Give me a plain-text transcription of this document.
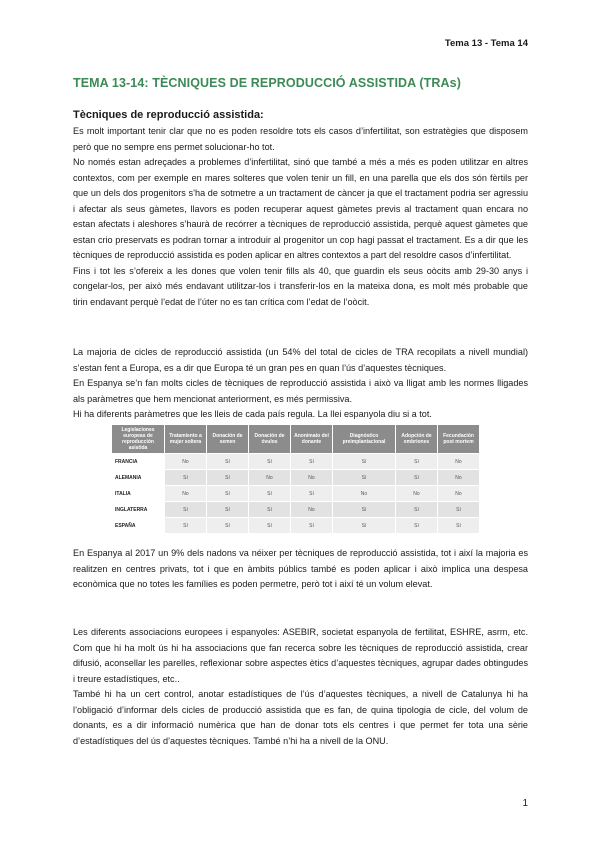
Tema 13 - Tema 14
TEMA 13-14: TÈCNIQUES DE REPRODUCCIÓ ASSISTIDA (TRAs)
Tècniques de reproducció assistida:

Es molt important tenir clar que no es poden resoldre tots els casos d’infertilitat, son estratègies que disposem però que no sempre ens permet solucionar-ho tot.

No només estan adreçades a problemes d’infertilitat, sinó que també a més a més es poden utilitzar en altres contextos, com per exemple en mares solteres que volen tenir un fill, en una parella que els dos són fèrtils per que un dels dos progenitors s’ha de sotmetre a un tractament de càncer ja que el tractament podria ser agressiu i afectar als seus gàmetes, llavors es poden recuperar aquest gàmetes previs al tractament quan encara no estan afectats i aleshores s’haurà de recórrer a tècniques de reproducció assistida, perquè aquest gàmetes que estan crio preservats es podran tornar a introduir al progenitor un cop hagi passat el tractament. Es a dir que les tècniques de reproducció assistida es poden aplicar en altres contextos a part del resoldre casos d’infertilitat.

Fins i tot les s’ofereix a les dones que volen tenir fills als 40, que guardin els seus oòcits amb 29-30 anys i congelar-los, per això més endavant utilitzar-los i transferir-los en la mateixa dona, es molt més probable que tirin endavant perquè l’edat de l’úter no es tan crítica com l’edat de l’oòcit.

La majoria de cicles de reproducció assistida (un 54% del total de cicles de TRA recopilats a nivell mundial) s’estan fent a Europa, es a dir que Europa té un gran pes en quan l’ús d’aquestes tècniques.

En Espanya se’n fan molts cicles de tècniques de reproducció assistida i això va lligat amb les normes lligades als paràmetres que hem mencionat anteriorment, es més permissiva.

Hi ha diferents paràmetres que les lleis de cada país regula. La llei espanyola diu si a tot.

Legislaciones europeas de reproducción asistida	Tratamiento a mujer soltera	Donación de semen	Donación de óvulos	Anonimato del donante	Diagnóstico preimplantacional	Adopción de embriones	Fecundación post mortem
FRANCIA	No	Sí	Sí	Sí	Sí	Sí	No
ALEMANIA	Sí	Sí	No	No	Sí	Sí	No
ITALIA	No	Sí	Sí	Sí	No	No	No
INGLATERRA	Sí	Sí	Sí	No	Sí	Sí	Sí
ESPAÑA	Sí	Sí	Sí	Sí	Sí	Sí	Sí

En Espanya al 2017 un 9% dels nadons va néixer per tècniques de reproducció assistida, tot i així la majoria es realitzen en centres privats, tot i que en àmbits públics també es poden aplicar i això implica una despesa econòmica que no totes les famílies es poden permetre, però tot i així té un volum elevat.

Les diferents associacions europees i espanyoles: ASEBIR, societat espanyola de fertilitat, ESHRE, asrm, etc. Com que hi ha molt ús hi ha associacions que fan recerca sobre les tècniques de reproducció assistida, crear difusió, aconsellar les parelles, reflexionar sobre aspectes ètics d’aquestes tècniques, agrupar dades obtingudes i treure estadístiques, etc..

També hi ha un cert control, anotar estadístiques de l’ús d’aquestes tècniques, a nivell de Catalunya hi ha l’obligació d’informar dels cicles de producció assistida que es fan, de quina tipologia de cicle, del volum de donants, es a dir informació numèrica que han de donar tots els centres i que permet fer tota una sèrie d’estadístiques del ús d’aquestes tècniques. També n’hi ha a nivell de la ONU.

1
